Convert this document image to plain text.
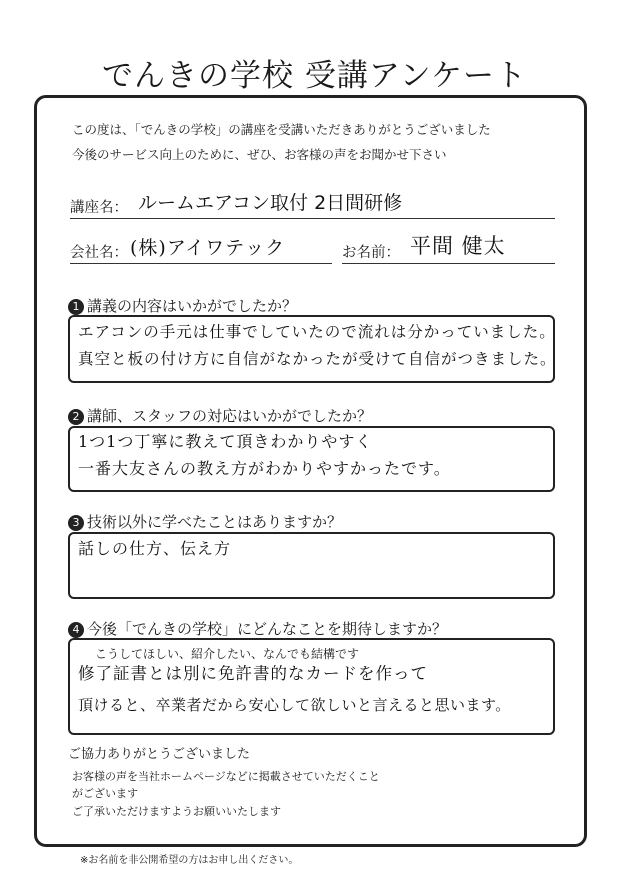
でんきの学校 受講アンケート
この度は、「でんきの学校」の講座を受講いただきありがとうございました
今後のサービス向上のために、ぜひ、お客様の声をお聞かせ下さい
講座名： ルームエアコン取付 2日間研修
会社名： (株)アイワテック	お名前： 平間 健太
1 講義の内容はいかがでしたか？
エアコンの手元は仕事でしていたので流れは分かっていました。
真空と板の付け方に自信がなかったが受けて自信がつきました。
2 講師、スタッフの対応はいかがでしたか？
1つ1つ丁寧に教えて頂きわかりやすく
一番大友さんの教え方がわかりやすかったです。
3 技術以外に学べたことはありますか？
話しの仕方、伝え方
4 今後「でんきの学校」にどんなことを期待しますか？
こうしてほしい、紹介したい、なんでも結構です
修了証書とは別に免許書的なカードを作って
頂けると、卒業者だから安心して欲しいと言えると思います。
ご協力ありがとうございました
お客様の声を当社ホームページなどに掲載させていただくこと
がございます
ご了承いただけますようお願いいたします
※お名前を非公開希望の方はお申し出ください。
